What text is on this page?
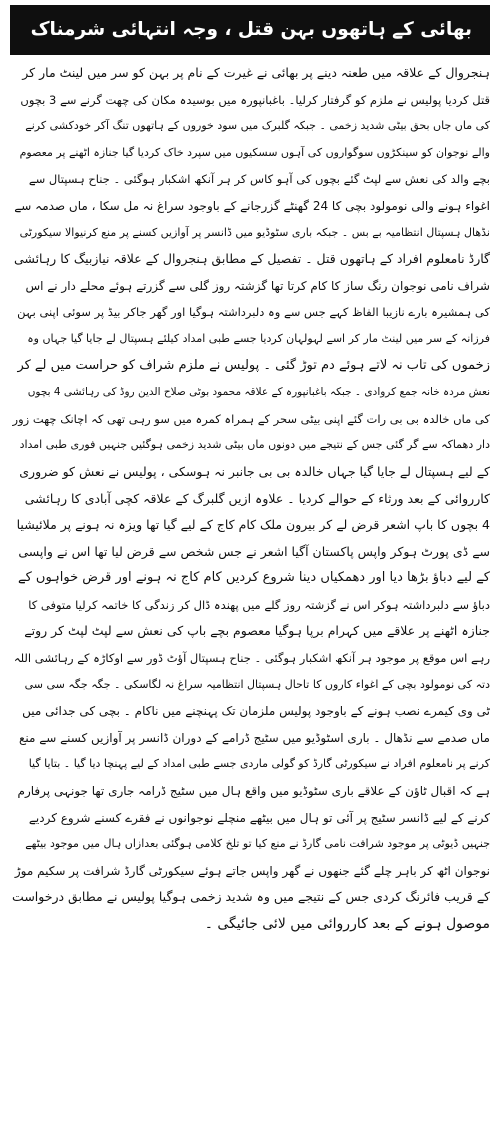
بھائی کے ہاتھوں بہن قتل ، وجہ انتہائی شرمناک
ہنجروال کے علاقہ میں طعنہ دینے پر بھائی نے غیرت کے نام پر بہن کو سر میں لینٹ مار کر
قتل کردیا پولیس نے ملزم کو گرفتار کرلیا۔ باغبانپورہ میں بوسیدہ مکان کی چھت گرنے سے 3 بچوں
کی ماں جاں بحق بیٹی شدید زخمی ۔ جبکہ گلبرک میں سود خوروں کے ہاتھوں تنگ آکر خودکشی کرنے
والے نوجوان کو سینکڑوں سوگواروں کی آہوں سسکیوں میں سپرد خاک کردیا گیا جنازہ اٹھنے پر معصوم
بچے والد کی نعش سے لپٹ گئے بچوں کی آہو کاس کر ہر آنکھ اشکبار ہوگئی ۔ جناح ہسپتال سے
اغواء ہونے والی نومولود بچی کا 24 گھنٹے گزرجانے کے باوجود سراغ نہ مل سکا ، ماں صدمہ سے
نڈھال ہسپتال انتظامیہ بے بس ۔ جبکہ باری سٹوڈیو میں ڈانسر پر آوازیں کسنے پر منع کرنیوالا سیکورٹی
گارڈ نامعلوم افراد کے ہاتھوں قتل ۔ تفصیل کے مطابق ہنجروال کے علاقہ نیازبیگ کا رہائشی
شراف نامی نوجوان رنگ ساز کا کام کرتا تھا گزشتہ روز گلی سے گزرتے ہوئے محلے دار نے اس
کی ہمشیرہ بارے نازیبا الفاظ کہے جس سے وہ دلبرداشتہ ہوگیا اور گھر جاکر بیڈ پر سوئی اپنی بہن
فرزانہ کے سر میں لینٹ مار کر اسے لہولہان کردیا جسے طبی امداد کیلئے ہسپتال لے جایا گیا جہاں وہ
زخموں کی تاب نہ لاتے ہوئے دم توڑ گئی ۔ پولیس نے ملزم شراف کو حراست میں لے کر
نعش مردہ خانہ جمع کروادی ۔ جبکہ باغبانپورہ کے علاقہ محمود بوٹی صلاح الدین روڈ کی رہائشی 4 بچوں
کی ماں خالدہ بی بی رات گئے اپنی بیٹی سحر کے ہمراہ کمرہ میں سو رہی تھی کہ اچانک چھت زور
دار دھماکہ سے گر گئی جس کے نتیجے میں دونوں ماں بیٹی شدید زخمی ہوگئیں جنہیں فوری طبی امداد
کے لیے ہسپتال لے جایا گیا جہاں خالدہ بی بی جانبر نہ ہوسکی ، پولیس نے نعش کو ضروری
کارروائی کے بعد ورثاء کے حوالے کردیا ۔ علاوہ ازیں گلبرگ کے علاقہ کچی آبادی کا رہائشی
4 بچوں کا باپ اشعر قرض لے کر بیرون ملک کام کاج کے لیے گیا تھا ویزہ نہ ہونے پر ملائیشیا
سے ڈی پورٹ ہوکر واپس پاکستان آگیا اشعر نے جس شخص سے قرض لیا تھا اس نے واپسی
کے لیے دباؤ بڑھا دیا اور دھمکیاں دینا شروع کردیں کام کاج نہ ہونے اور قرض خواہوں کے
دباؤ سے دلبرداشتہ ہوکر اس نے گزشتہ روز گلے میں پھندہ ڈال کر زندگی کا خاتمہ کرلیا متوفی کا
جنازہ اٹھنے پر علاقے میں کہرام برپا ہوگیا معصوم بچے باپ کی نعش سے لپٹ لپٹ کر روتے
رہے اس موقع پر موجود ہر آنکھ اشکبار ہوگئی ۔ جناح ہسپتال آؤٹ ڈور سے اوکاڑہ کے رہائشی اللہ
دتہ کی نومولود بچی کے اغواء کاروں کا تاحال ہسپتال انتظامیہ سراغ نہ لگاسکی ۔ جگہ جگہ سی سی
ٹی وی کیمرے نصب ہونے کے باوجود پولیس ملزمان تک پہنچنے میں ناکام ۔ بچی کی جدائی میں
ماں صدمے سے نڈھال ۔ باری اسٹوڈیو میں سٹیج ڈرامے کے دوران ڈانسر پر آوازیں کسنے سے منع
کرنے پر نامعلوم افراد نے سیکورٹی گارڈ کو گولی ماردی جسے طبی امداد کے لیے پہنچا دیا گیا ۔ بتایا گیا
ہے کہ اقبال ٹاؤن کے علاقے باری سٹوڈیو میں واقع ہال میں سٹیج ڈرامہ جاری تھا جونہی پرفارم
کرنے کے لیے ڈانسر سٹیج پر آئی تو ہال میں بیٹھے منچلے نوجوانوں نے فقرے کسنے شروع کردیے
جنہیں ڈیوٹی پر موجود شرافت نامی گارڈ نے منع کیا تو تلخ کلامی ہوگئی بعدازاں ہال میں موجود بیٹھے
نوجوان اٹھ کر باہر چلے گئے جنھوں نے گھر واپس جاتے ہوئے سیکورٹی گارڈ شرافت پر سکیم موڑ
کے قریب فائرنگ کردی جس کے نتیجے میں وہ شدید زخمی ہوگیا پولیس نے مطابق درخواست
موصول ہونے کے بعد کارروائی میں لائی جائیگی ۔
